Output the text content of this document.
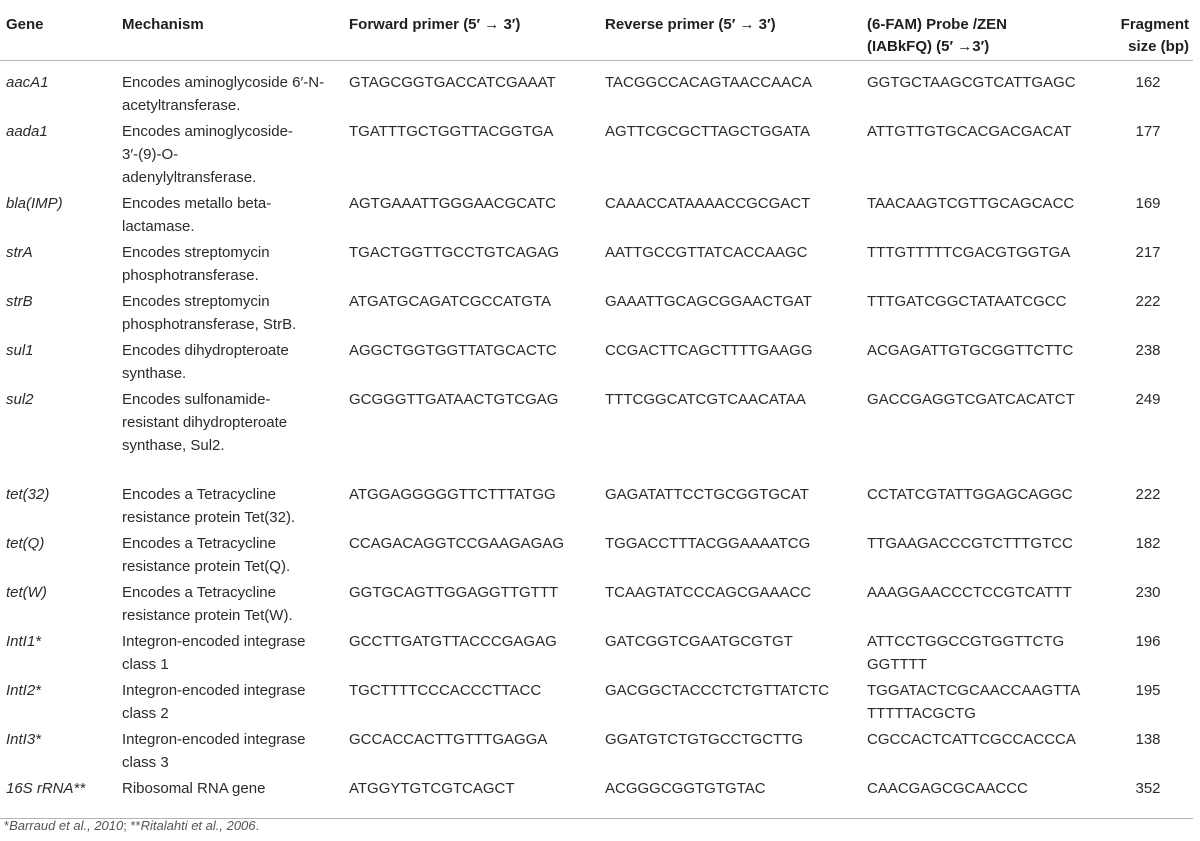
Gene	Mechanism	Forward primer (5′ → 3′)	Reverse primer (5′ → 3′)	(6-FAM) Probe /ZEN (IABkFQ) (5′ →3′)	Fragment size (bp)
aacA1	Encodes aminoglycoside 6′-N-acetyltransferase.	GTAGCGGTGACCATCGAAAT	TACGGCCACAGTAACCAACA	GGTGCTAAGCGTCATTGAGC	162
aada1	Encodes aminoglycoside-3′-(9)-O-adenylyltransferase.	TGATTTGCTGGTTACGGTGA	AGTTCGCGCTTAGCTGGATA	ATTGTTGTGCACGACGACAT	177
bla(IMP)	Encodes metallo beta-lactamase.	AGTGAAATTGGGAACGCATC	CAAACCATAAAACCGCGACT	TAACAAGTCGTTGCAGCACC	169
strA	Encodes streptomycin phosphotransferase.	TGACTGGTTGCCTGTCAGAG	AATTGCCGTTATCACCAAGC	TTTGTTTTTCGACGTGGTGA	217
strB	Encodes streptomycin phosphotransferase, StrB.	ATGATGCAGATCGCCATGTA	GAAATTGCAGCGGAACTGAT	TTTGATCGGCTATAATCGCC	222
sul1	Encodes dihydropteroate synthase.	AGGCTGGTGGTTATGCACTC	CCGACTTCAGCTTTTGAAGG	ACGAGATTGTGCGGTTCTTC	238
sul2	Encodes sulfonamide-resistant dihydropteroate synthase, Sul2.	GCGGGTTGATAACTGTCGAG	TTTCGGCATCGTCAACATAA	GACCGAGGTCGATCACATCT	249
tet(32)	Encodes a Tetracycline resistance protein Tet(32).	ATGGAGGGGGTTCTTTATGG	GAGATATTCCTGCGGTGCAT	CCTATCGTATTGGAGCAGGC	222
tet(Q)	Encodes a Tetracycline resistance protein Tet(Q).	CCAGACAGGTCCGAAGAGAG	TGGACCTTTACGGAAAATCG	TTGAAGACCCGTCTTTGTCC	182
tet(W)	Encodes a Tetracycline resistance protein Tet(W).	GGTGCAGTTGGAGGTTGTTT	TCAAGTATCCCAGCGAAACC	AAAGGAACCCTCCGTCATTT	230
IntI1*	Integron-encoded integrase class 1	GCCTTGATGTTACCCGAGAG	GATCGGTCGAATGCGTGT	ATTCCTGGCCGTGGTTCTG GGTTTT	196
IntI2*	Integron-encoded integrase class 2	TGCTTTTCCCACCCTTACC	GACGGCTACCCTCTGTTATCTC	TGGATACTCGCAACCAAGTTA TTTTTACGCTG	195
IntI3*	Integron-encoded integrase class 3	GCCACCACTTGTTTGAGGA	GGATGTCTGTGCCTGCTTG	CGCCACTCATTCGCCACCCA	138
16S rRNA**	Ribosomal RNA gene	ATGGYTGTCGTCAGCT	ACGGGCGGTGTGTAC	CAACGAGCGCAACCC	352
*Barraud et al., 2010; **Ritalahti et al., 2006.
